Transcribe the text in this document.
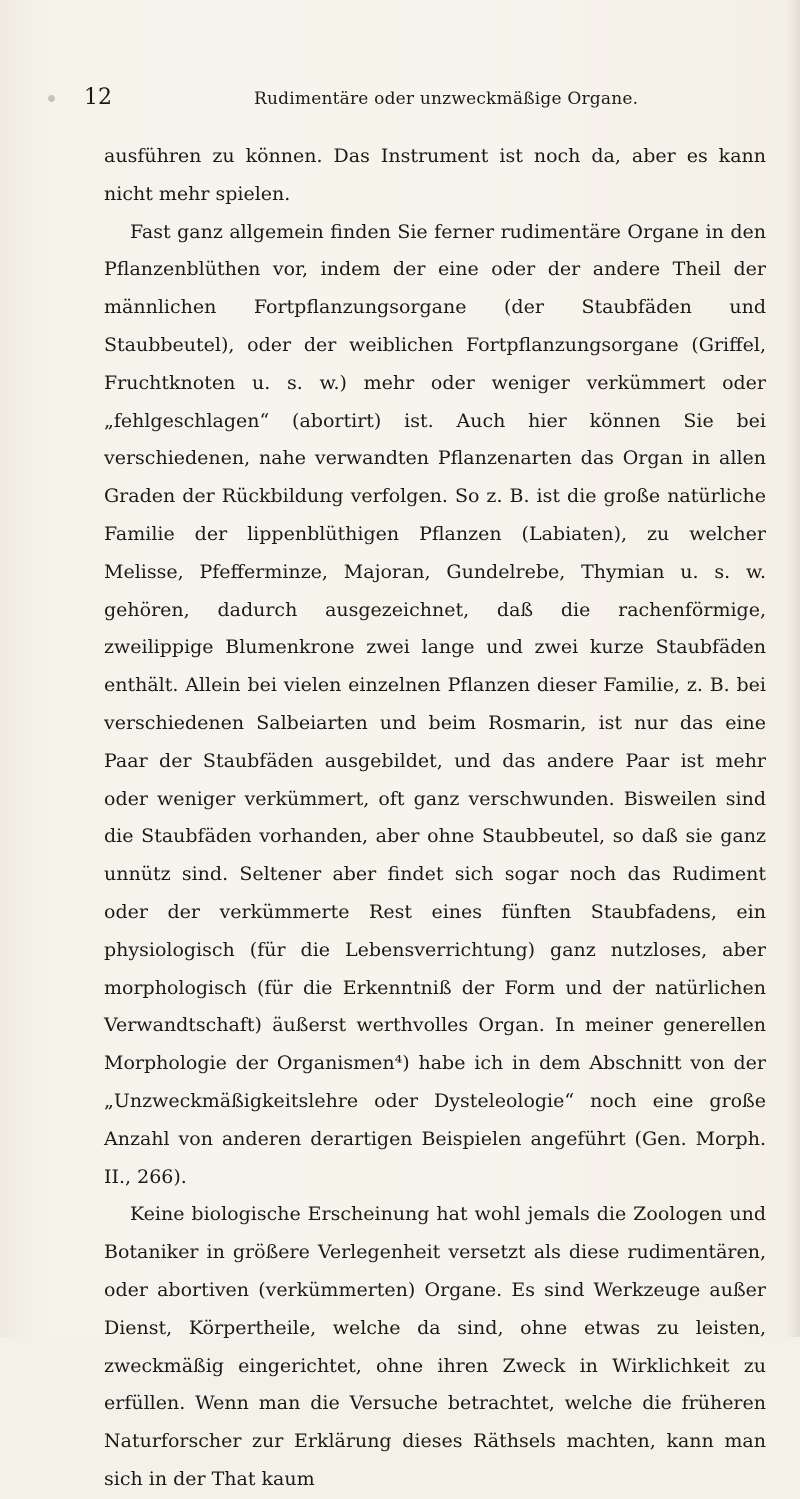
12	Rudimentäre oder unzweckmäßige Organe.

ausführen zu können. Das Instrument ist noch da, aber es kann nicht mehr spielen.

Fast ganz allgemein finden Sie ferner rudimentäre Organe in den Pflanzenblüthen vor, indem der eine oder der andere Theil der männlichen Fortpflanzungsorgane (der Staubfäden und Staubbeutel), oder der weiblichen Fortpflanzungsorgane (Griffel, Fruchtknoten u. s. w.) mehr oder weniger verkümmert oder „fehlgeschlagen“ (abortirt) ist. Auch hier können Sie bei verschiedenen, nahe verwandten Pflanzenarten das Organ in allen Graden der Rückbildung verfolgen. So z. B. ist die große natürliche Familie der lippenblüthigen Pflanzen (Labiaten), zu welcher Melisse, Pfefferminze, Majoran, Gundelrebe, Thymian u. s. w. gehören, dadurch ausgezeichnet, daß die rachenförmige, zweilippige Blumenkrone zwei lange und zwei kurze Staubfäden enthält. Allein bei vielen einzelnen Pflanzen dieser Familie, z. B. bei verschiedenen Salbeiarten und beim Rosmarin, ist nur das eine Paar der Staubfäden ausgebildet, und das andere Paar ist mehr oder weniger verkümmert, oft ganz verschwunden. Bisweilen sind die Staubfäden vorhanden, aber ohne Staubbeutel, so daß sie ganz unnütz sind. Seltener aber findet sich sogar noch das Rudiment oder der verkümmerte Rest eines fünften Staubfadens, ein physiologisch (für die Lebensverrichtung) ganz nutzloses, aber morphologisch (für die Erkenntniß der Form und der natürlichen Verwandtschaft) äußerst werthvolles Organ. In meiner generellen Morphologie der Organismen⁴) habe ich in dem Abschnitt von der „Unzweckmäßigkeitslehre oder Dysteleologie“ noch eine große Anzahl von anderen derartigen Beispielen angeführt (Gen. Morph. II., 266).

Keine biologische Erscheinung hat wohl jemals die Zoologen und Botaniker in größere Verlegenheit versetzt als diese rudimentären, oder abortiven (verkümmerten) Organe. Es sind Werkzeuge außer Dienst, Körpertheile, welche da sind, ohne etwas zu leisten, zweckmäßig eingerichtet, ohne ihren Zweck in Wirklichkeit zu erfüllen. Wenn man die Versuche betrachtet, welche die früheren Naturforscher zur Erklärung dieses Räthsels machten, kann man sich in der That kaum
